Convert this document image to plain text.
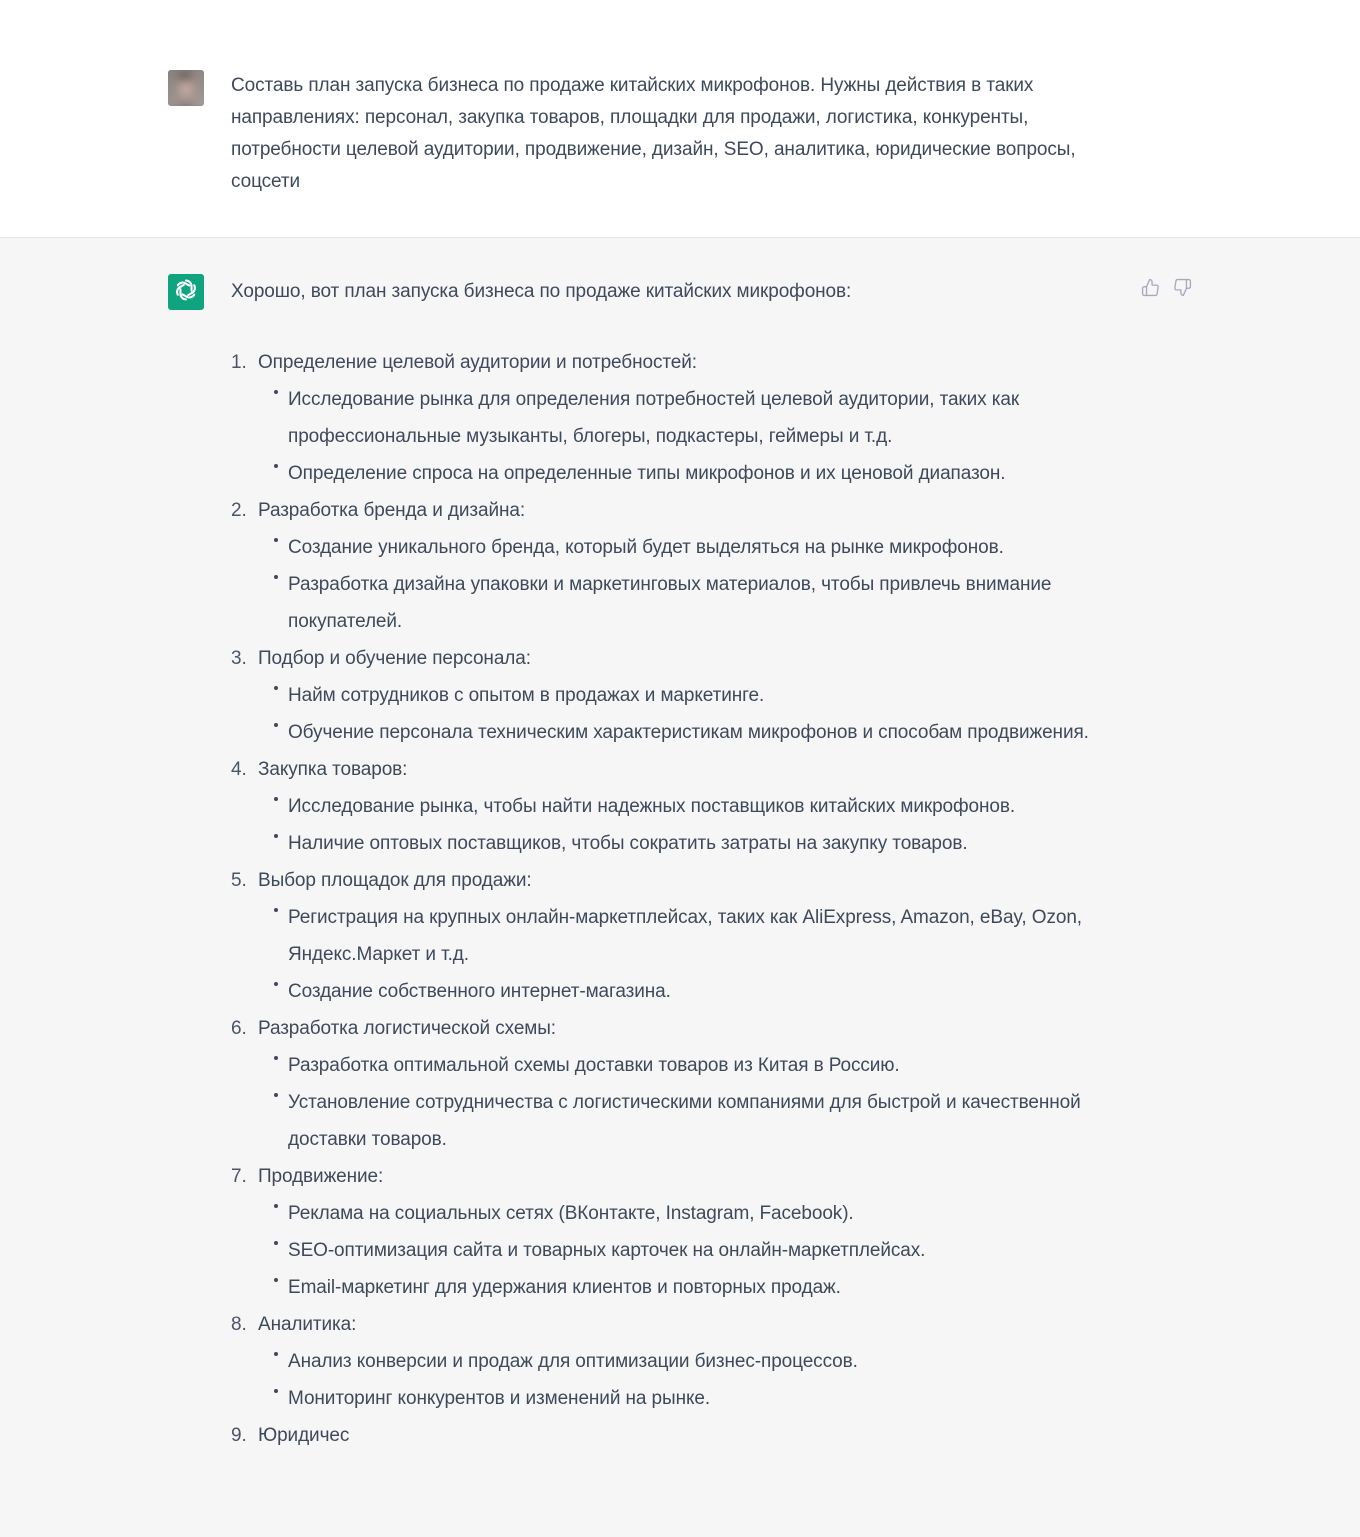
Составь план запуска бизнеса по продаже китайских микрофонов. Нужны действия в таких направлениях: персонал, закупка товаров, площадки для продажи, логистика, конкуренты, потребности целевой аудитории, продвижение, дизайн, SEO, аналитика, юридические вопросы, соцсети

Хорошо, вот план запуска бизнеса по продаже китайских микрофонов:

1. Определение целевой аудитории и потребностей:
Исследование рынка для определения потребностей целевой аудитории, таких как профессиональные музыканты, блогеры, подкастеры, геймеры и т.д.
Определение спроса на определенные типы микрофонов и их ценовой диапазон.
2. Разработка бренда и дизайна:
Создание уникального бренда, который будет выделяться на рынке микрофонов.
Разработка дизайна упаковки и маркетинговых материалов, чтобы привлечь внимание покупателей.
3. Подбор и обучение персонала:
Найм сотрудников с опытом в продажах и маркетинге.
Обучение персонала техническим характеристикам микрофонов и способам продвижения.
4. Закупка товаров:
Исследование рынка, чтобы найти надежных поставщиков китайских микрофонов.
Наличие оптовых поставщиков, чтобы сократить затраты на закупку товаров.
5. Выбор площадок для продажи:
Регистрация на крупных онлайн-маркетплейсах, таких как AliExpress, Amazon, eBay, Ozon, Яндекс.Маркет и т.д.
Создание собственного интернет-магазина.
6. Разработка логистической схемы:
Разработка оптимальной схемы доставки товаров из Китая в Россию.
Установление сотрудничества с логистическими компаниями для быстрой и качественной доставки товаров.
7. Продвижение:
Реклама на социальных сетях (ВКонтакте, Instagram, Facebook).
SEO-оптимизация сайта и товарных карточек на онлайн-маркетплейсах.
Email-маркетинг для удержания клиентов и повторных продаж.
8. Аналитика:
Анализ конверсии и продаж для оптимизации бизнес-процессов.
Мониторинг конкурентов и изменений на рынке.
9. Юридичес
